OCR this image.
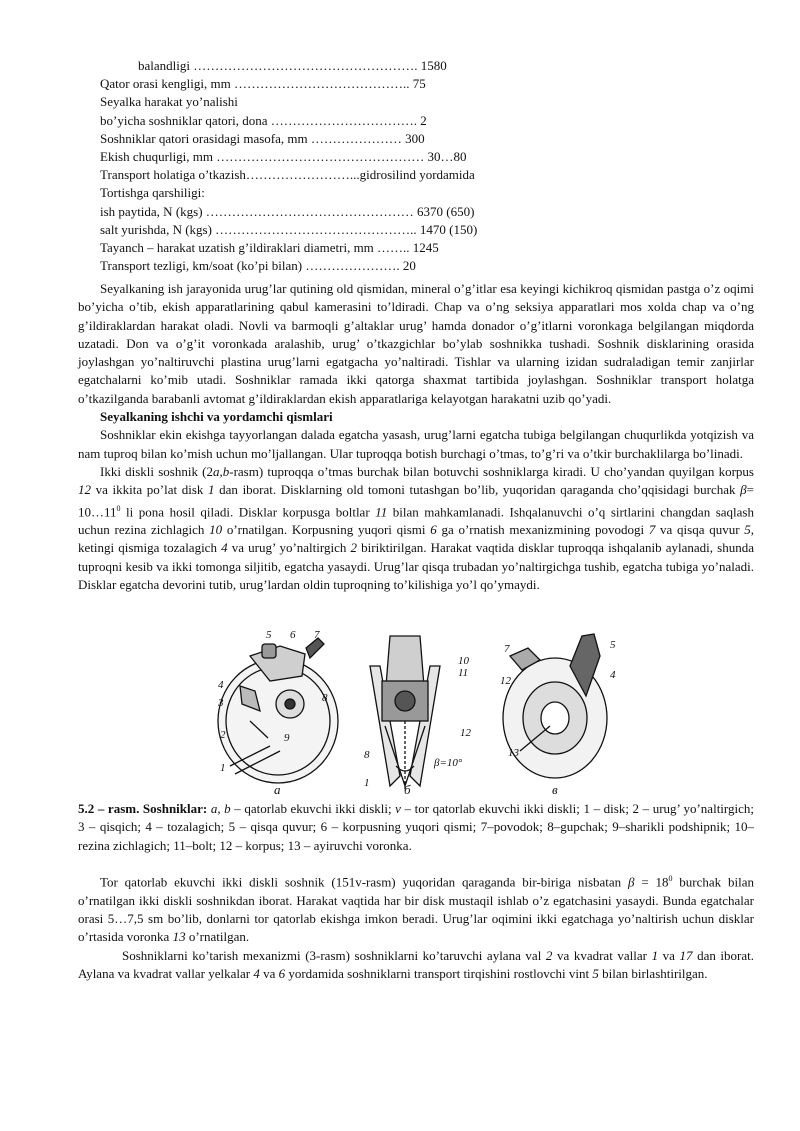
balandligi ……………………………………………. 1580
Qator orasi kengligi, mm ………………………………….. 75
Seyalka harakat yo’nalishi
bo’yicha soshniklar qatori, dona ……………………………. 2
Soshniklar qatori orasidagi masofa, mm ………………… 300
Ekish chuqurligi, mm ………………………………………… 30…80
Transport holatiga o’tkazish……………………...gidrosilind yordamida
Tortishga qarshiligi:
ish paytida, N (kgs) ………………………………………… 6370 (650)
salt yurishda, N (kgs) ……………………………………….. 1470 (150)
Tayanch – harakat uzatish g’ildiraklari diametri, mm …….. 1245
Transport tezligi, km/soat (ko’pi bilan) …………………. 20

Seyalkaning ish jarayonida urug’lar qutining old qismidan, mineral o’g’itlar esa keyingi kichikroq qismidan pastga o’z oqimi bo’yicha o’tib, ekish apparatlarining qabul kamerasini to’ldiradi. Chap va o’ng seksiya apparatlari mos xolda chap va o’ng g’ildiraklardan harakat oladi. Novli va barmoqli g’altaklar urug’ hamda donador o’g’itlarni voronkaga belgilangan miqdorda uzatadi. Don va o’g’it voronkada aralashib, urug’ o’tkazgichlar bo’ylab soshnikka tushadi. Soshnik disklarining orasida joylashgan yo’naltiruvchi plastina urug’larni egatgacha yo’naltiradi. Tishlar va ularning izidan sudraladigan temir zanjirlar egatchalarni ko’mib utadi. Soshniklar ramada ikki qatorga shaxmat tartibida joylashgan. Soshniklar transport holatga o’tkazilganda barabanli avtomat g’ildiraklardan ekish apparatlariga kelayotgan harakatni uzib qo’yadi.

Seyalkaning ishchi va yordamchi qismlari

Soshniklar ekin ekishga tayyorlangan dalada egatcha yasash, urug’larni egatcha tubiga belgilangan chuqurlikda yotqizish va nam tuproq bilan ko’mish uchun mo’ljallangan. Ular tuproqqa botish burchagi o’tmas, to’g’ri va o’tkir burchaklilarga bo’linadi.

Ikki diskli soshnik (2a,b-rasm) tuproqqa o’tmas burchak bilan botuvchi soshniklarga kiradi. U cho’yandan quyilgan korpus 12 va ikkita po’lat disk 1 dan iborat. Disklarning old tomoni tutashgan bo’lib, yuqoridan qaraganda cho’qqisidagi burchak $\beta= 10\dots 11^0$ li pona hosil qiladi. Disklar korpusga boltlar 11 bilan mahkamlanadi. Ishqalanuvchi o’q sirtlarini changdan saqlash uchun rezina zichlagich 10 o’rnatilgan. Korpusning yuqori qismi 6 ga o’rnatish mexanizmining povodogi 7 va qisqa quvur 5, ketingi qismiga tozalagich 4 va urug’ yo’naltirgich 2 biriktirilgan. Harakat vaqtida disklar tuproqqa ishqalanib aylanadi, shunda tuproqni kesib va ikki tomonga siljitib, egatcha yasaydi. Urug’lar qisqa trubadan yo’naltirgichga tushib, egatcha tubiga yo’naladi. Disklar egatcha devorini tutib, urug’lardan oldin tuproqning to’kilishiga yo’l qo’ymaydi.

5 6 7
4
3	8
2	9
1
10
11
12
8
1
β=10°
7	5
4
12
13
a	б	в
5.2 – rasm. Soshniklar: a, b – qatorlab ekuvchi ikki diskli; v – tor qatorlab ekuvchi ikki diskli; 1 – disk; 2 – urug’ yo’naltirgich; 3 – qisqich; 4 – tozalagich; 5 – qisqa quvur; 6 – korpusning yuqori qismi; 7–povodok; 8–gupchak; 9–sharikli podshipnik; 10–rezina zichlagich; 11–bolt; 12 – korpus; 13 – ayiruvchi voronka.

Tor qatorlab ekuvchi ikki diskli soshnik (151v-rasm) yuqoridan qaraganda bir-biriga nisbatan $\beta = 18^0$ burchak bilan o’rnatilgan ikki diskli soshnikdan iborat. Harakat vaqtida har bir disk mustaqil ishlab o’z egatchasini yasaydi. Bunda egatchalar orasi 5…7,5 sm bo’lib, donlarni tor qatorlab ekishga imkon beradi. Urug’lar oqimini ikki egatchaga yo’naltirish uchun disklar o’rtasida voronka 13 o’rnatilgan.

Soshniklarni ko’tarish mexanizmi (3-rasm) soshniklarni ko’taruvchi aylana val 2 va kvadrat vallar 1 va 17 dan iborat. Aylana va kvadrat vallar yelkalar 4 va 6 yordamida soshniklarni transport tirqishini rostlovchi vint 5 bilan birlashtirilgan.
